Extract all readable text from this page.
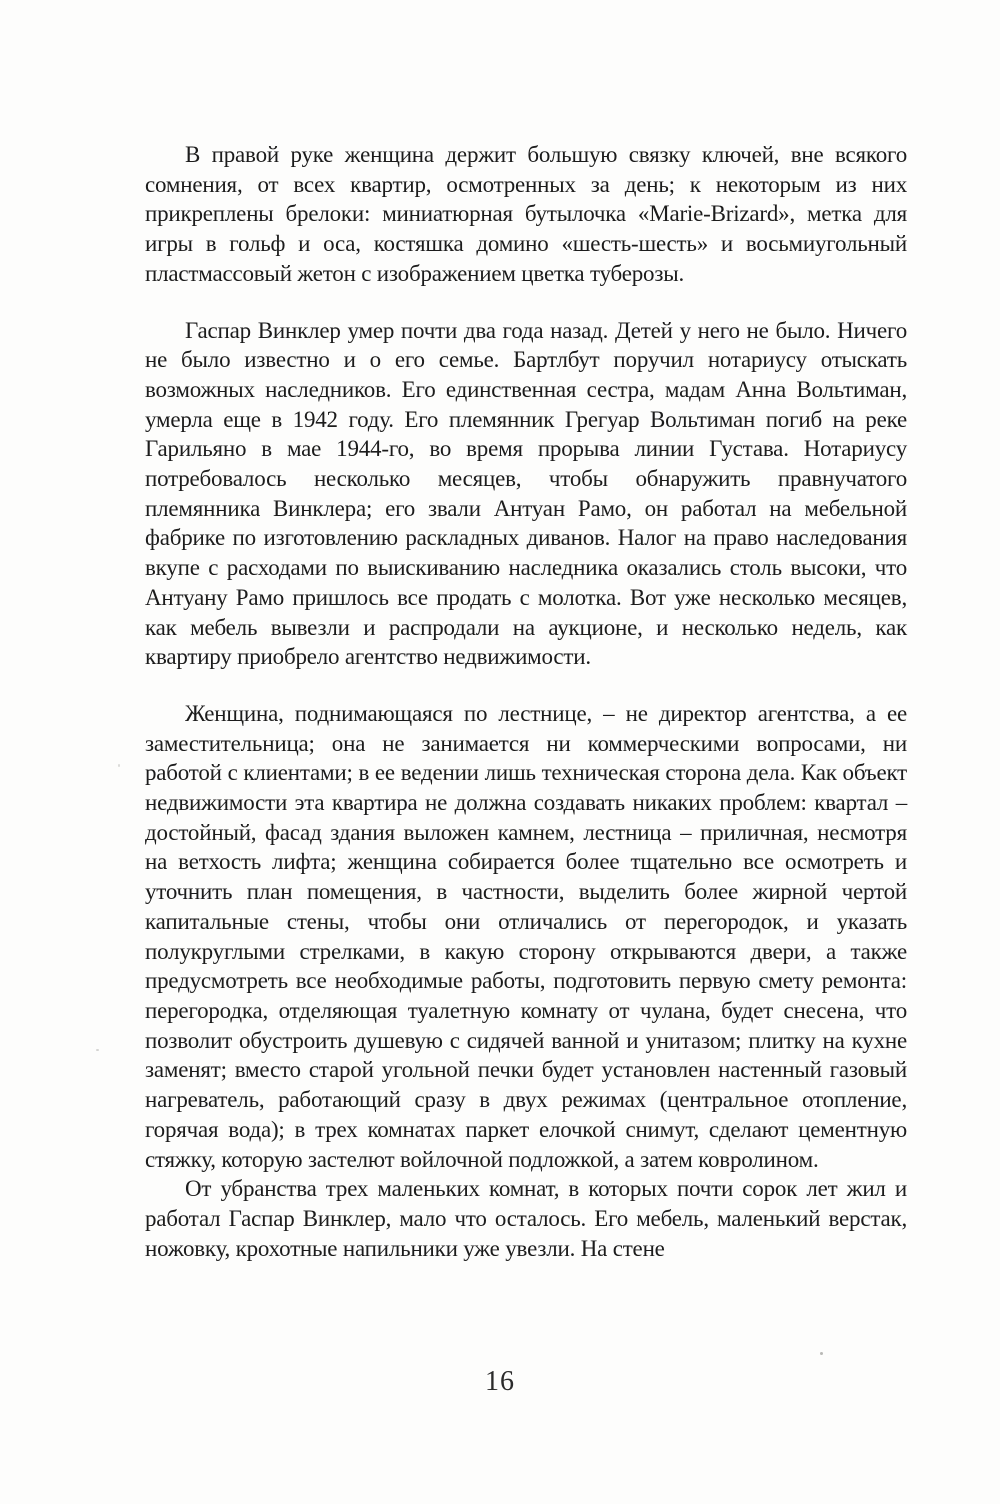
В правой руке женщина держит большую связку ключей, вне всякого сомнения, от всех квартир, осмотренных за день; к некоторым из них прикреплены брелоки: миниатюрная бутылочка «Marie-Brizard», метка для игры в гольф и оса, костяшка домино «шесть-шесть» и восьмиугольный пластмассовый жетон с изображением цветка туберозы.

Гаспар Винклер умер почти два года назад. Детей у него не было. Ничего не было известно и о его семье. Бартлбут поручил нотариусу отыскать возможных наследников. Его единственная сестра, мадам Анна Вольтиман, умерла еще в 1942 году. Его племянник Грегуар Вольтиман погиб на реке Гарильяно в мае 1944-го, во время прорыва линии Густава. Нотариусу потребовалось несколько месяцев, чтобы обнаружить правнучатого племянника Винклера; его звали Антуан Рамо, он работал на мебельной фабрике по изготовлению раскладных диванов. Налог на право наследования вкупе с расходами по выискиванию наследника оказались столь высоки, что Антуану Рамо пришлось все продать с молотка. Вот уже несколько месяцев, как мебель вывезли и распродали на аукционе, и несколько недель, как квартиру приобрело агентство недвижимости.

Женщина, поднимающаяся по лестнице, – не директор агентства, а ее заместительница; она не занимается ни коммерческими вопросами, ни работой с клиентами; в ее ведении лишь техническая сторона дела. Как объект недвижимости эта квартира не должна создавать никаких проблем: квартал – достойный, фасад здания выложен камнем, лестница – приличная, несмотря на ветхость лифта; женщина собирается более тщательно все осмотреть и уточнить план помещения, в частности, выделить более жирной чертой капитальные стены, чтобы они отличались от перегородок, и указать полукруглыми стрелками, в какую сторону открываются двери, а также предусмотреть все необходимые работы, подготовить первую смету ремонта: перегородка, отделяющая туалетную комнату от чулана, будет снесена, что позволит обустроить душевую с сидячей ванной и унитазом; плитку на кухне заменят; вместо старой угольной печки будет установлен настенный газовый нагреватель, работающий сразу в двух режимах (центральное отопление, горячая вода); в трех комнатах паркет елочкой снимут, сделают цементную стяжку, которую застелют войлочной подложкой, а затем ковролином.

От убранства трех маленьких комнат, в которых почти сорок лет жил и работал Гаспар Винклер, мало что осталось. Его мебель, маленький верстак, ножовку, крохотные напильники уже увезли. На стене

16
